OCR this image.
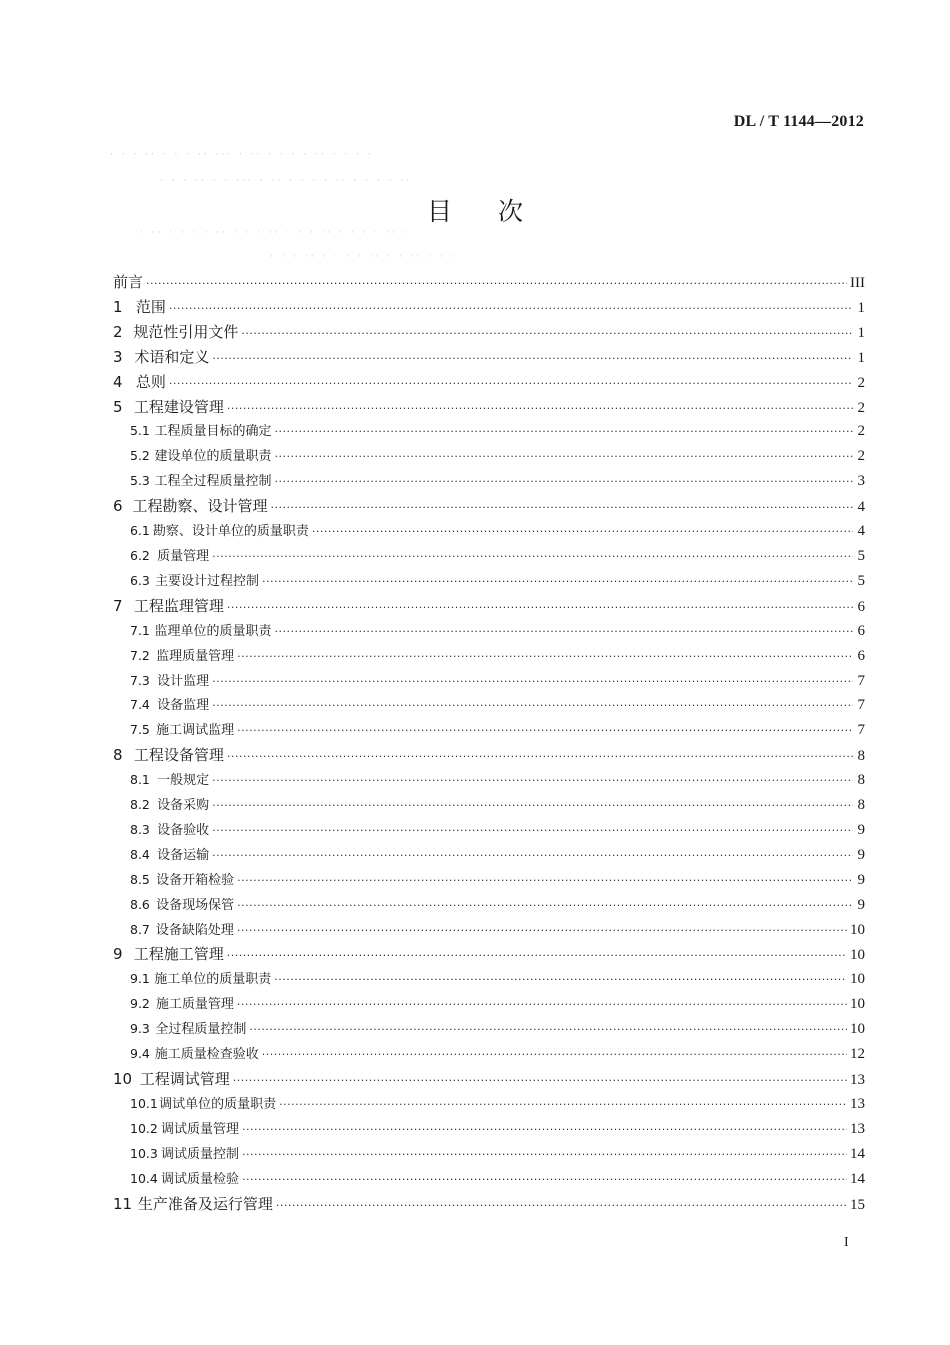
DL / T 1144—2012
· · · ·· · · · ·· ··· · ·· · · · · ·· · · · ·
· · · ·· · · ··· · ·· · · · · ·· · · · · ··
· ·· · · · · ·· · · · ·· · · · ·· · · · · ·· ·
· · · ·· · · · · ·· · · ·· · · ·
目次
前言 ·····	III
1 范围 ·····	1
2 规范性引用文件 ·····	1
3 术语和定义 ·····	1
4 总则 ·····	2
5 工程建设管理 ·····	2
5.1 工程质量目标的确定 ·····	2
5.2 建设单位的质量职责 ·····	2
5.3 工程全过程质量控制 ·····	3
6 工程勘察、设计管理 ·····	4
6.1 勘察、设计单位的质量职责 ·····	4
6.2 质量管理 ·····	5
6.3 主要设计过程控制 ·····	5
7 工程监理管理 ·····	6
7.1 监理单位的质量职责 ·····	6
7.2 监理质量管理 ·····	6
7.3 设计监理 ·····	7
7.4 设备监理 ·····	7
7.5 施工调试监理 ·····	7
8 工程设备管理 ·····	8
8.1 一般规定 ·····	8
8.2 设备采购 ·····	8
8.3 设备验收 ·····	9
8.4 设备运输 ·····	9
8.5 设备开箱检验 ·····	9
8.6 设备现场保管 ·····	9
8.7 设备缺陷处理 ·····	10
9 工程施工管理 ·····	10
9.1 施工单位的质量职责 ·····	10
9.2 施工质量管理 ·····	10
9.3 全过程质量控制 ·····	10
9.4 施工质量检查验收 ·····	12
10 工程调试管理 ·····	13
10.1 调试单位的质量职责 ·····	13
10.2 调试质量管理 ·····	13
10.3 调试质量控制 ·····	14
10.4 调试质量检验 ·····	14
11 生产准备及运行管理 ·····	15
I
